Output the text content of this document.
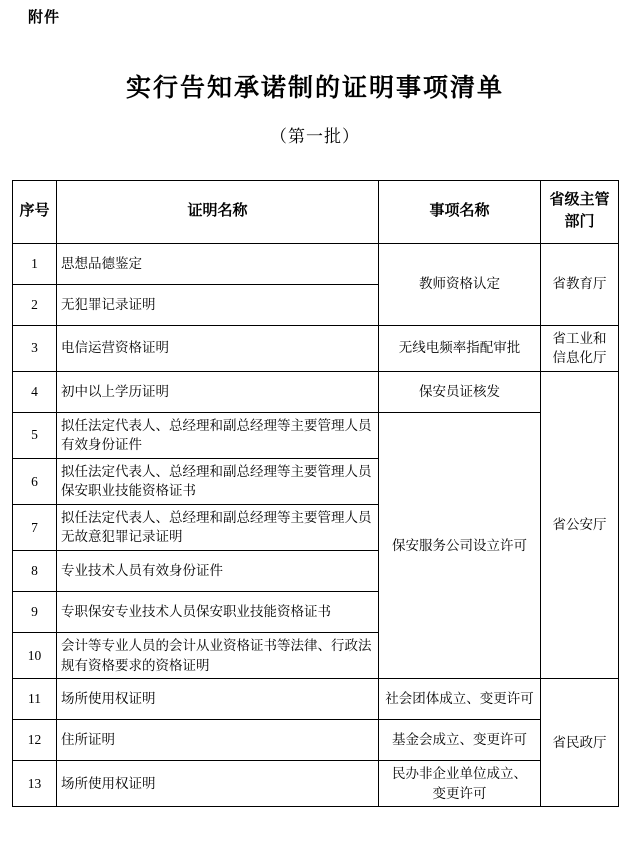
附件
实行告知承诺制的证明事项清单
（第一批）
序号	证明名称	事项名称	省级主管
部门

1	思想品德鉴定	教师资格认定	省教育厅
2	无犯罪记录证明		
3	电信运营资格证明	无线电频率指配审批	省工业和
信息化厅

4	初中以上学历证明	保安员证核发	省公安厅
5	拟任法定代表人、总经理和副总经理等主要管理人员有效身份证件	保安服务公司设立许可	
6	拟任法定代表人、总经理和副总经理等主要管理人员保安职业技能资格证书		
7	拟任法定代表人、总经理和副总经理等主要管理人员无故意犯罪记录证明		
8	专业技术人员有效身份证件		
9	专职保安专业技术人员保安职业技能资格证书		
10	会计等专业人员的会计从业资格证书等法律、行政法规有资格要求的资格证明		
11	场所使用权证明	社会团体成立、变更许可	省民政厅
12	住所证明	基金会成立、变更许可	
13	场所使用权证明	民办非企业单位成立、
变更许可	
